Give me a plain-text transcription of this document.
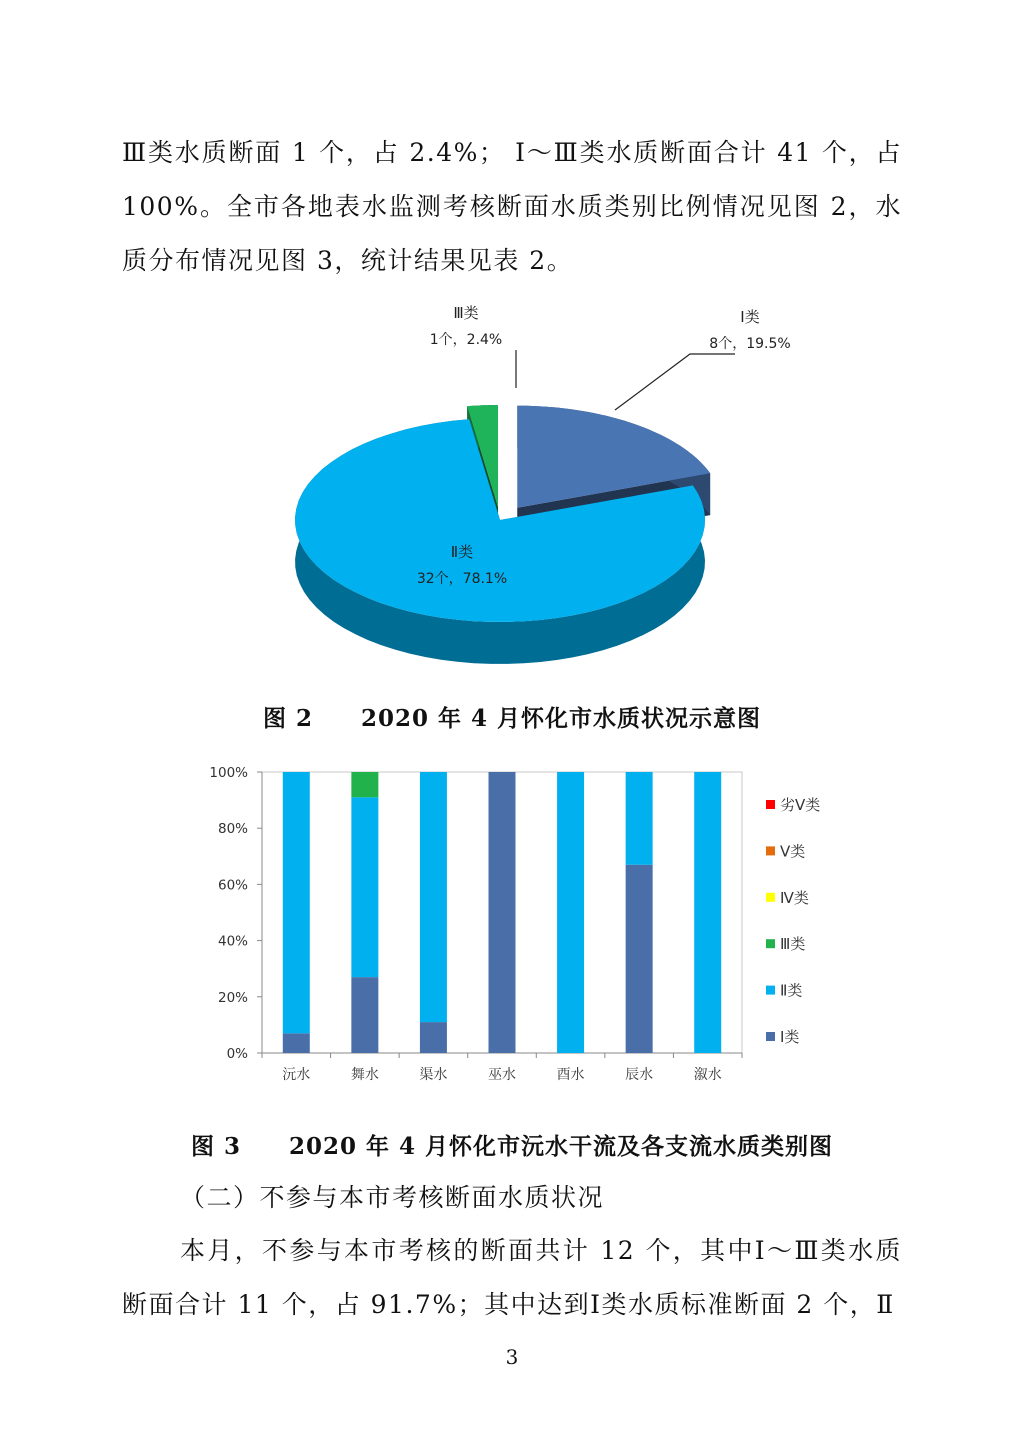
Ⅲ类水质断面 1 个，占 2.4%； Ⅰ～Ⅲ类水质断面合计 41 个，占100%。全市各地表水监测考核断面水质类别比例情况见图 2，水质分布情况见图 3，统计结果见表 2。
Ⅰ类
8个，19.5%
Ⅱ类
32个，78.1%
Ⅲ类
1个，2.4%
图 2　　2020 年 4 月怀化市水质状况示意图
0%
20%
40%
60%
80%
100%
沅水	舞水	渠水	巫水	酉水	辰水	溆水
劣Ⅴ类
Ⅴ类
Ⅳ类
Ⅲ类
Ⅱ类
Ⅰ类
图 3　　2020 年 4 月怀化市沅水干流及各支流水质类别图
（二）不参与本市考核断面水质状况
本月，不参与本市考核的断面共计 12 个，其中Ⅰ～Ⅲ类水质断面合计 11 个，占 91.7%；其中达到Ⅰ类水质标准断面 2 个，Ⅱ
3
